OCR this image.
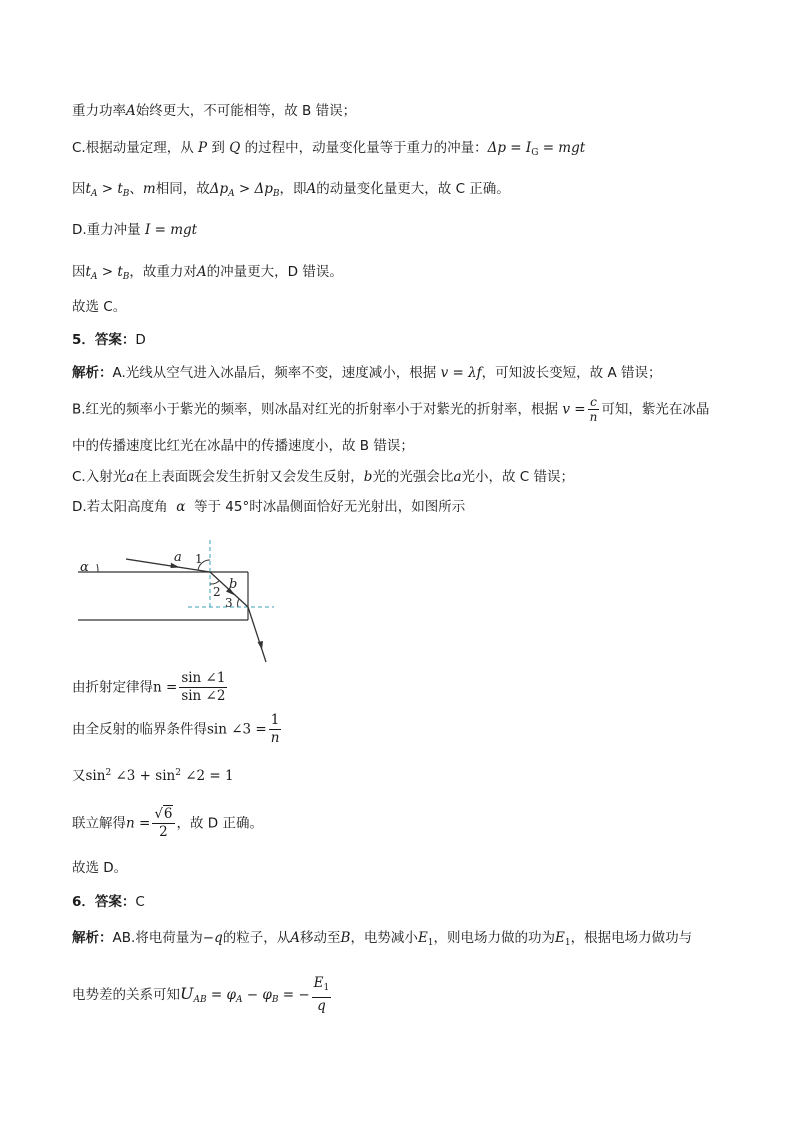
重力功率A始终更大，不可能相等，故 B 错误；
C.根据动量定理，从 P 到 Q 的过程中，动量变化量等于重力的冲量：$\Delta p = I_G$ = mgt
因$t_A > t_B$、m相同，故$\Delta p_A > \Delta p_B$，即A的动量变化量更大，故 C 正确。
D.重力冲量 I = mgt
因$t_A > t_B$，故重力对A的冲量更大，D 错误。
故选 C。
5．答案：D
解析：A.光线从空气进入冰晶后，频率不变，速度减小，根据 v = λf，可知波长变短，故 A 错误；
B.红光的频率小于紫光的频率，则冰晶对红光的折射率小于对紫光的折射率，根据 $v = \frac{c}{n}$ 可知，紫光在冰晶
中的传播速度比红光在冰晶中的传播速度小，故 B 错误；
C.入射光a在上表面既会发生折射又会发生反射，b光的光强会比a光小，故 C 错误；
D.若太阳高度角 α 等于 45°时冰晶侧面恰好无光射出，如图所示
α
a 1
b
2
3
由折射定律得$n = \frac{\sin \angle 1}{\sin \angle 2}$
由全反射的临界条件得sin ∠3 = $\frac{1}{n}$
又$\sin^2$ ∠3 + $\sin^2$ ∠2 = 1
联立解得$n = \frac{√6}{2}$ ，故 D 正确。
故选 D。
6．答案：C
解析：AB.将电荷量为−q的粒子，从A移动至B，电势减小$E_1$，则电场力做的功为$E_1$，根据电场力做功与
电势差的关系可知$U_{AB} = \varphi_A - \varphi_B$ = − $\frac{E_1}{q}$
